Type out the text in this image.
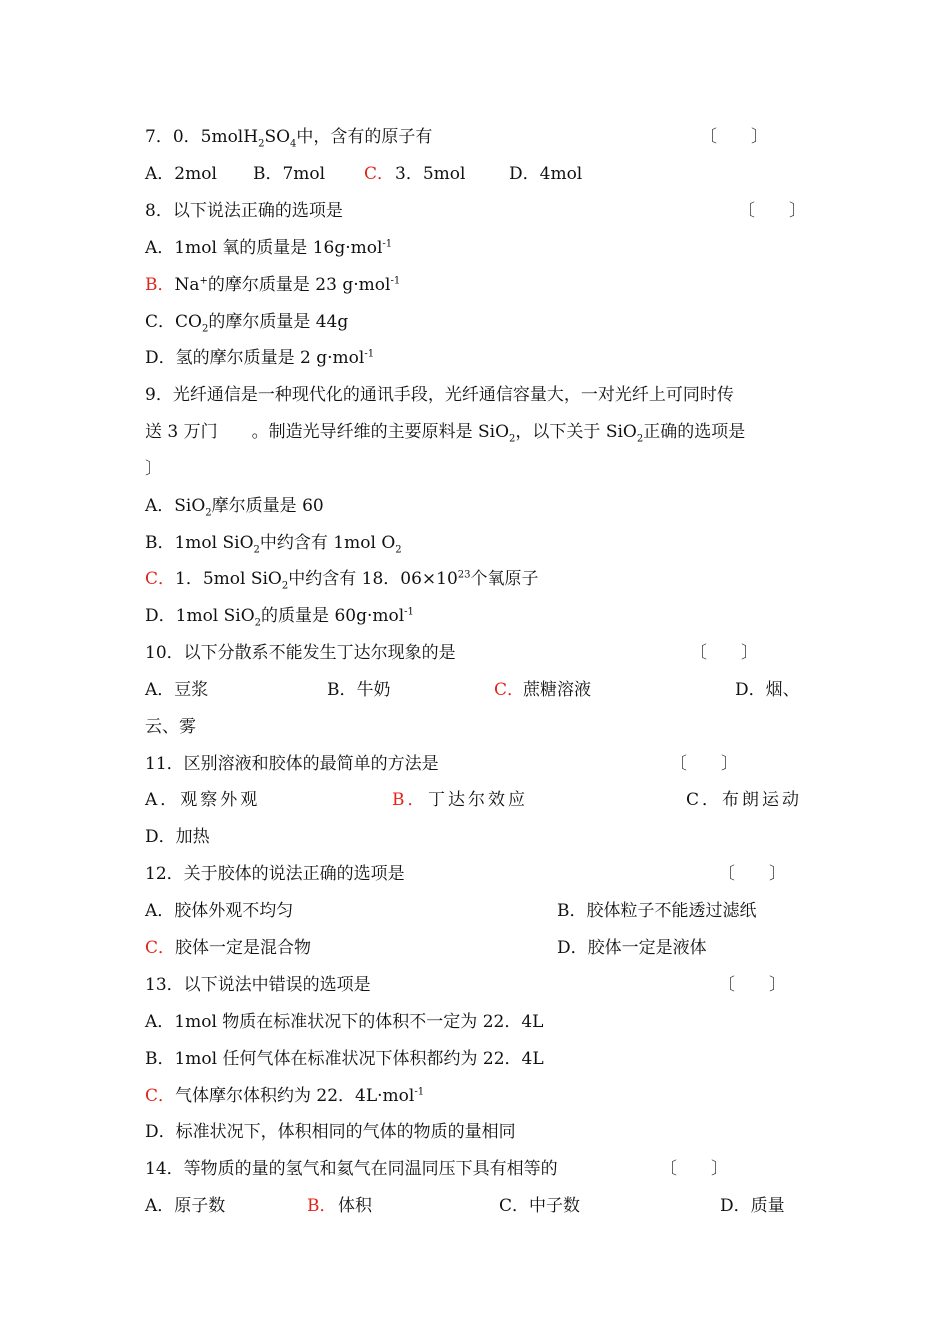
7．0．$5molH_2SO_4$中，含有的原子有	〔　　〕
A．2mol B．7mol C． 3．5mol	D．4mol
8．以下说法正确的选项是	〔　　〕
A．1mol 氧的质量是 16g·mol$^{-1}$
B．Na+的摩尔质量是 23 g·mol$^{-1}$
C．$CO_2$的摩尔质量是 44g
D．氢的摩尔质量是 2 g·mol$^{-1}$
9．光纤通信是一种现代化的通讯手段，光纤通信容量大，一对光纤上可同时传
送 3 万门　　。制造光导纤维的主要原料是 SiO$_2$，以下关于 SiO$_2$正确的选项是
〕
A．SiO$_2$摩尔质量是 60
B．1mol SiO$_2$中约含有 1mol $O_2$
C．1．5mol SiO$_2$中约含有 18．$06\times 10^{23}$个氧原子
D．1mol SiO$_2$的质量是 60g·mol$^{-1}$
10．以下分散系不能发生丁达尔现象的是	〔　　〕
A．豆浆	B．牛奶	C．
蔗糖溶液	D．烟、
云、雾
11．区别溶液和胶体的最简单的方法是	〔　　〕
A．观察外观	B． 丁达尔效应	C．布朗运动
D．加热
12．关于胶体的说法正确的选项是	〔　　〕
A．胶体外观不均匀	B．胶体粒子不能透过滤纸
C．胶体一定是混合物	D．胶体一定是液体
13．以下说法中错误的选项是	〔　　〕
A．1mol 物质在标准状况下的体积不一定为 22．4L
B．1mol 任何气体在标准状况下体积都约为 22．4L
C．气体摩尔体积约为 22．4L·mol$^{-1}$
D．标准状况下，体积相同的气体的物质的量相同
14．等物质的量的氢气和氦气在同温同压下具有相等的	〔　　〕
A．原子数	B． 体积	C．中子数	D．质量
